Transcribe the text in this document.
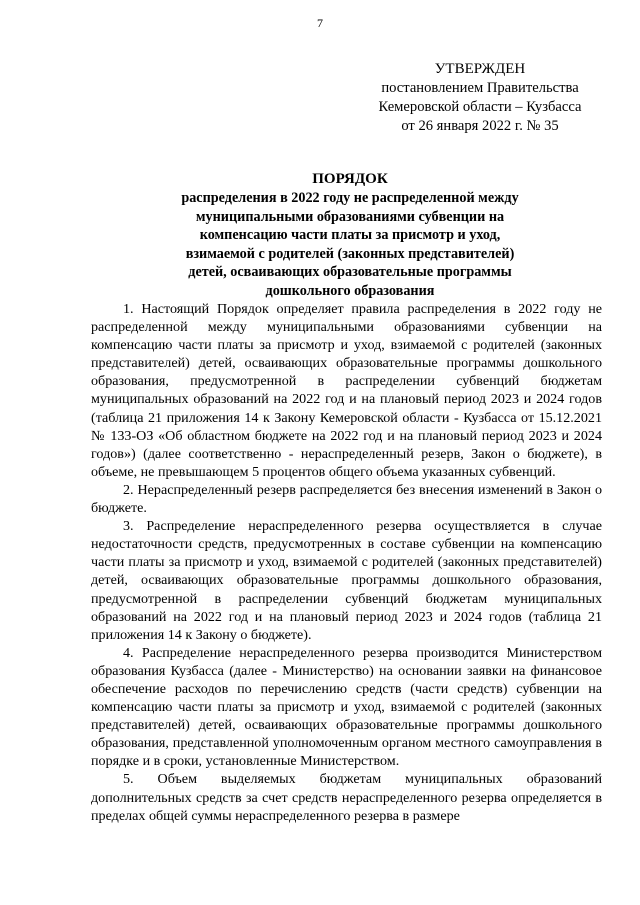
7
УТВЕРЖДЕН
постановлением Правительства
Кемеровской области – Кузбасса
от 26 января 2022 г. № 35
ПОРЯДОК
распределения в 2022 году не распределенной между
муниципальными образованиями субвенции на
компенсацию части платы за присмотр и уход,
взимаемой с родителей (законных представителей)
детей, осваивающих образовательные программы
дошкольного образования

1. Настоящий Порядок определяет правила распределения в 2022 году не распределенной между муниципальными образованиями субвенции на компенсацию части платы за присмотр и уход, взимаемой с родителей (законных представителей) детей, осваивающих образовательные программы дошкольного образования, предусмотренной в распределении субвенций бюджетам муниципальных образований на 2022 год и на плановый период 2023 и 2024 годов (таблица 21 приложения 14 к Закону Кемеровской области - Кузбасса от 15.12.2021 № 133-ОЗ «Об областном бюджете на 2022 год и на плановый период 2023 и 2024 годов») (далее соответственно - нераспределенный резерв, Закон о бюджете), в объеме, не превышающем 5 процентов общего объема указанных субвенций.

2. Нераспределенный резерв распределяется без внесения изменений в Закон о бюджете.

3. Распределение нераспределенного резерва осуществляется в случае недостаточности средств, предусмотренных в составе субвенции на компенсацию части платы за присмотр и уход, взимаемой с родителей (законных представителей) детей, осваивающих образовательные программы дошкольного образования, предусмотренной в распределении субвенций бюджетам муниципальных образований на 2022 год и на плановый период 2023 и 2024 годов (таблица 21 приложения 14 к Закону о бюджете).

4. Распределение нераспределенного резерва производится Министерством образования Кузбасса (далее - Министерство) на основании заявки на финансовое обеспечение расходов по перечислению средств (части средств) субвенции на компенсацию части платы за присмотр и уход, взимаемой с родителей (законных представителей) детей, осваивающих образовательные программы дошкольного образования, представленной уполномоченным органом местного самоуправления в порядке и в сроки, установленные Министерством.

5. Объем выделяемых бюджетам муниципальных образований дополнительных средств за счет средств нераспределенного резерва определяется в пределах общей суммы нераспределенного резерва в размере
